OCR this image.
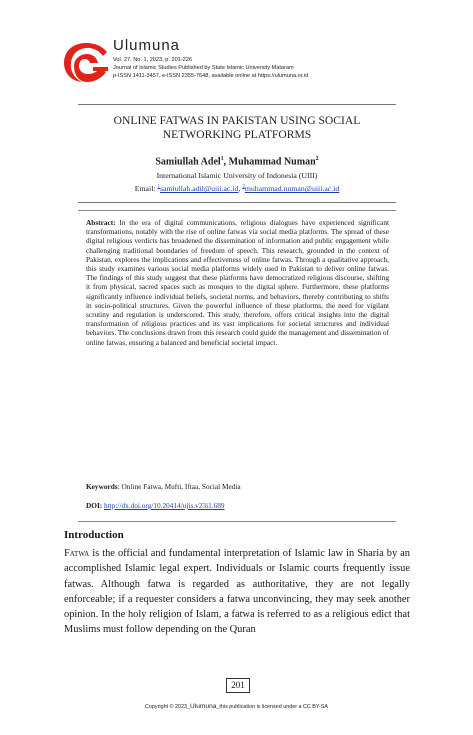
Ulumuna
Vol. 27, No. 1, 2023, p. 201-226
Journal of Islamic Studies Published by State Islamic University Mataram
p-ISSN 1411-3457, e-ISSN 2355-7648, available online at https://ulumuna.or.id
ONLINE FATWAS IN PAKISTAN USING SOCIAL
NETWORKING PLATFORMS
Samiullah Adel$^1$, Muhammad Numan$^2$
International Islamic University of Indonesia (UIII)
Email: $^1$samiullah.adil@uiii.ac.id, $^2$muhammad.numan@uiii.ac.id
Abstract: In the era of digital communications, religious dialogues have experienced significant transformations, notably with the rise of online fatwas via social media platforms. The spread of these digital religious verdicts has broadened the dissemination of information and public engagement while challenging traditional boundaries of freedom of speech. This research, grounded in the context of Pakistan, explores the implications and effectiveness of online fatwas. Through a qualitative approach, this study examines various social media platforms widely used in Pakistan to deliver online fatwas. The findings of this study suggest that these platforms have democratized religious discourse, shifting it from physical, sacred spaces such as mosques to the digital sphere. Furthermore, these platforms significantly influence individual beliefs, societal norms, and behaviors, thereby contributing to shifts in socio-political structures. Given the powerful influence of these platforms, the need for vigilant scrutiny and regulation is underscored. This study, therefore, offers critical insights into the digital transformation of religious practices and its vast implications for societal structures and individual behaviors. The conclusions drawn from this research could guide the management and dissemination of online fatwas, ensuring a balanced and beneficial societal impact.
Keywords: Online Fatwa, Mufti, Iftaa, Social Media
DOI: http://dx.doi.org/10.20414/ujis.v23i1.689
Introduction
Fatwa is the official and fundamental interpretation of Islamic law in Sharia by an accomplished Islamic legal expert. Individuals or Islamic courts frequently issue fatwas. Although fatwa is regarded as authoritative, they are not legally enforceable; if a requester considers a fatwa unconvincing, they may seek another opinion. In the holy religion of Islam, a fatwa is referred to as a religious edict that Muslims must follow depending on the Quran
201
Copyright © 2023_Ulumuna_this publication is licensed under a CC BY-SA
